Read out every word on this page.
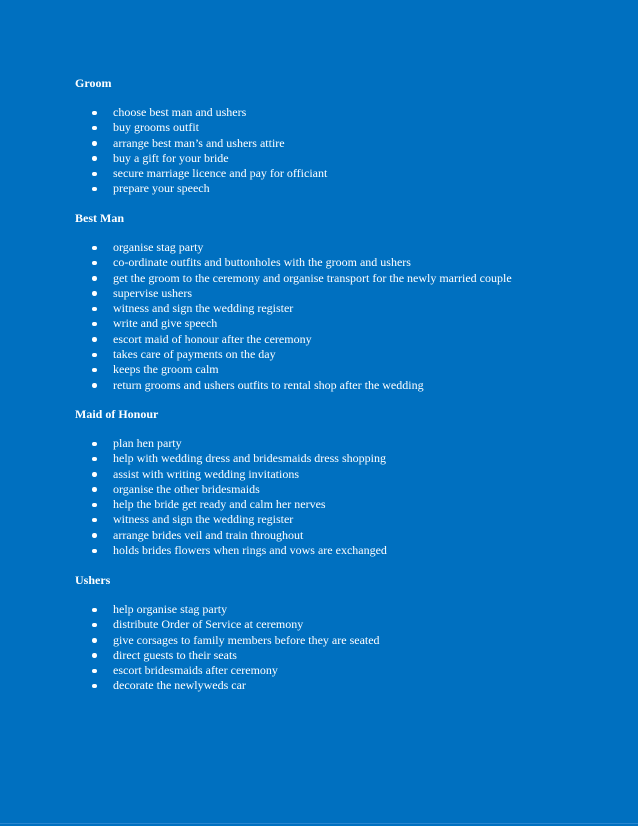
Groom
choose best man and ushers
buy grooms outfit
arrange best man’s and ushers attire
buy a gift for your bride
secure marriage licence and pay for officiant
prepare your speech
Best Man
organise stag party
co-ordinate outfits and buttonholes with the groom and ushers
get the groom to the ceremony and organise transport for the newly married couple
supervise ushers
witness and sign the wedding register
write and give speech
escort maid of honour after the ceremony
takes care of payments on the day
keeps the groom calm
return grooms and ushers outfits to rental shop after the wedding
Maid of Honour
plan hen party
help with wedding dress and bridesmaids dress shopping
assist with writing wedding invitations
organise the other bridesmaids
help the bride get ready and calm her nerves
witness and sign the wedding register
arrange brides veil and train throughout
holds brides flowers when rings and vows are exchanged
Ushers
help organise stag party
distribute Order of Service at ceremony
give corsages to family members before they are seated
direct guests to their seats
escort bridesmaids after ceremony
decorate the newlyweds car
